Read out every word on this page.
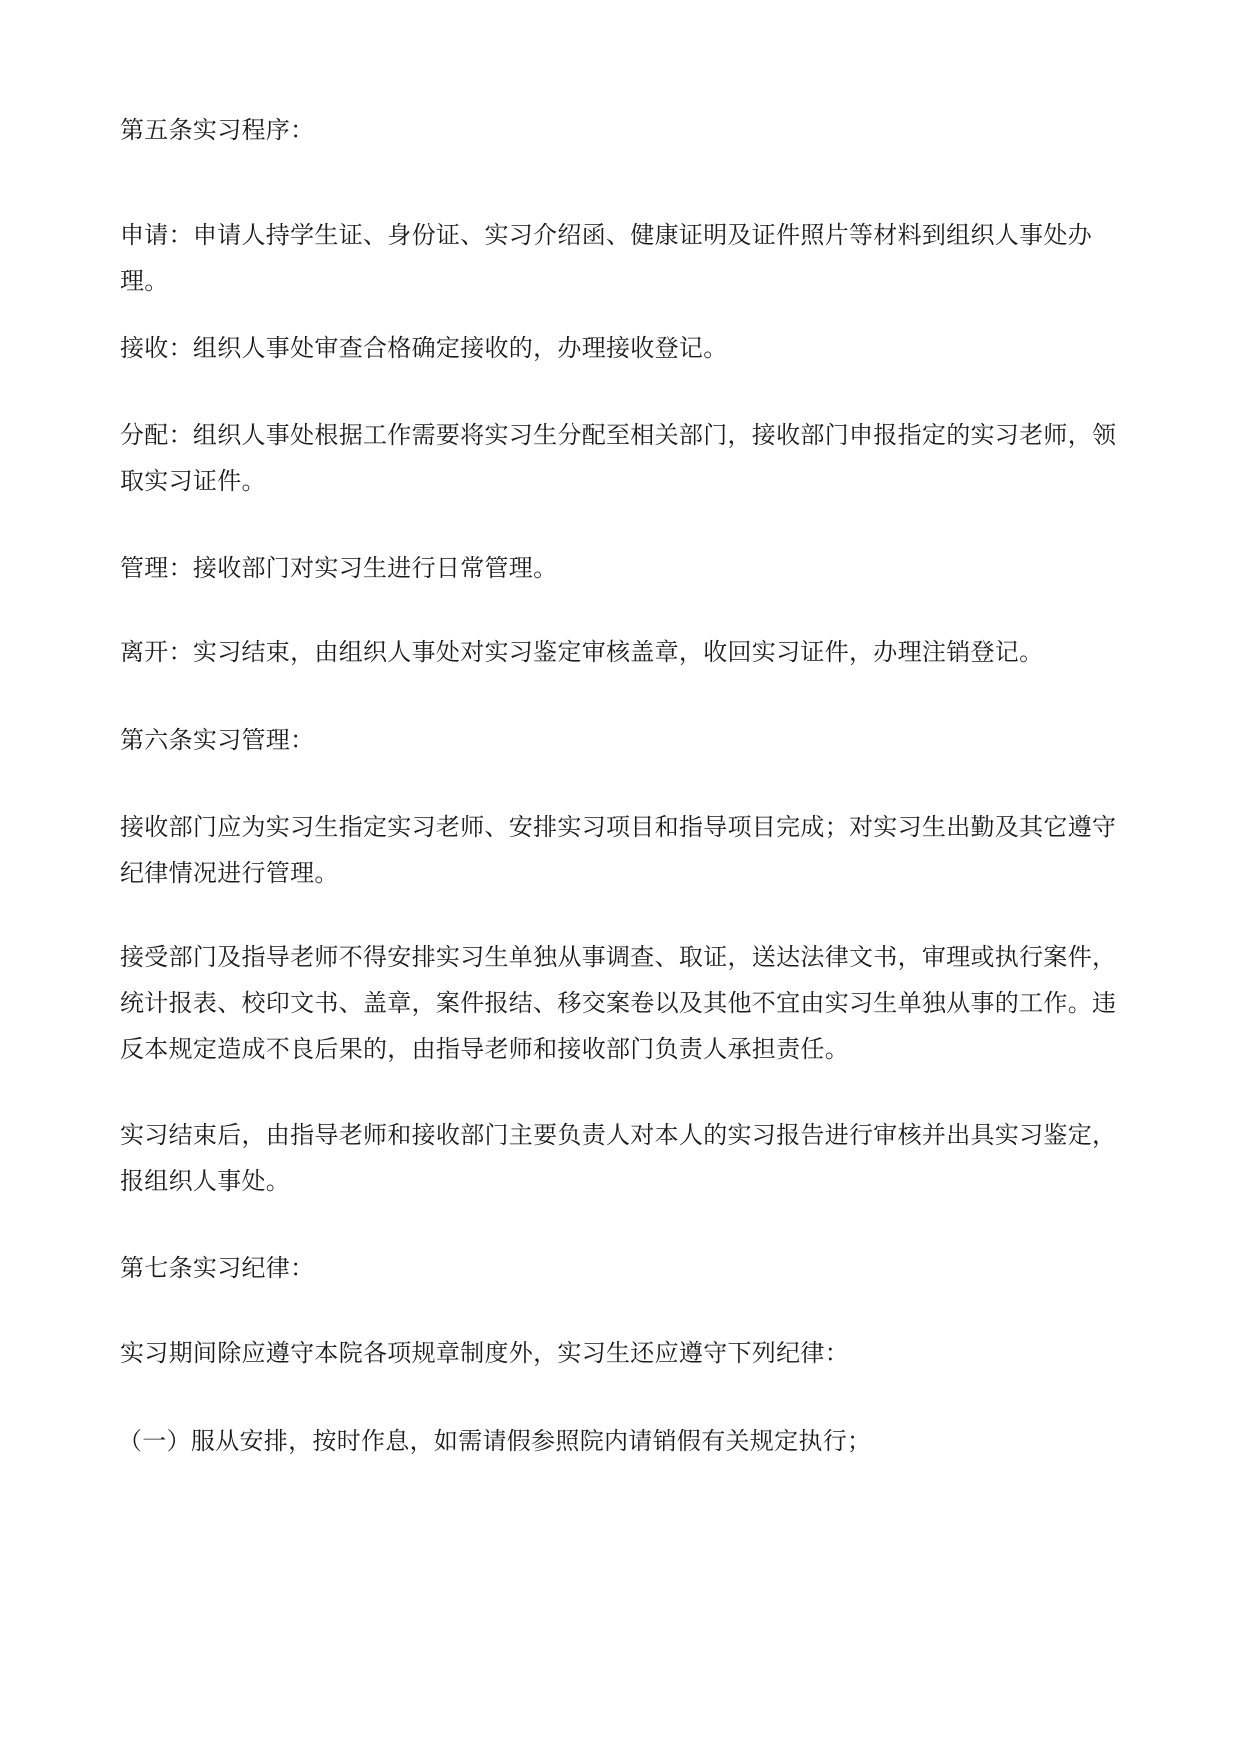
第五条实习程序：

申请：申请人持学生证、身份证、实习介绍函、健康证明及证件照片等材料到组织人事处办理。

接收：组织人事处审查合格确定接收的，办理接收登记。

分配：组织人事处根据工作需要将实习生分配至相关部门，接收部门申报指定的实习老师，领取实习证件。

管理：接收部门对实习生进行日常管理。

离开：实习结束，由组织人事处对实习鉴定审核盖章，收回实习证件，办理注销登记。

第六条实习管理：

接收部门应为实习生指定实习老师、安排实习项目和指导项目完成；对实习生出勤及其它遵守纪律情况进行管理。

接受部门及指导老师不得安排实习生单独从事调查、取证，送达法律文书，审理或执行案件，统计报表、校印文书、盖章，案件报结、移交案卷以及其他不宜由实习生单独从事的工作。违反本规定造成不良后果的，由指导老师和接收部门负责人承担责任。

实习结束后，由指导老师和接收部门主要负责人对本人的实习报告进行审核并出具实习鉴定，报组织人事处。

第七条实习纪律：

实习期间除应遵守本院各项规章制度外，实习生还应遵守下列纪律：

（一）服从安排，按时作息，如需请假参照院内请销假有关规定执行；
